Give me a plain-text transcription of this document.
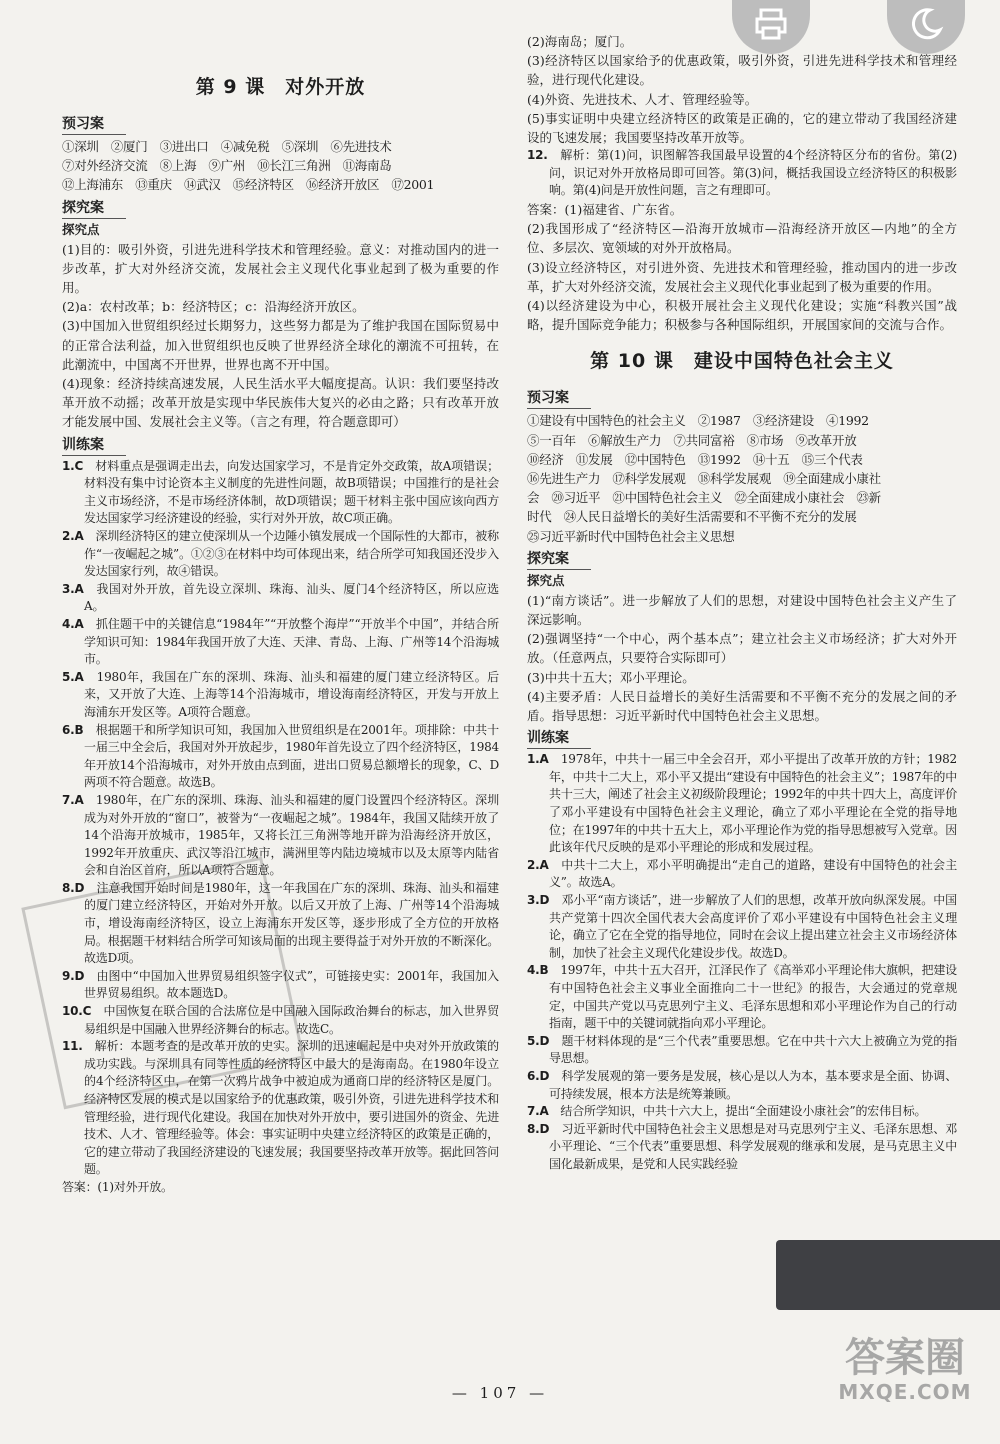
第 9 课　对外开放
预习案

①深圳　②厦门　③进出口　④减免税　⑤深圳　⑥先进技术

⑦对外经济交流　⑧上海　⑨广州　⑩长江三角洲　⑪海南岛

⑫上海浦东　⑬重庆　⑭武汉　⑮经济特区　⑯经济开放区　⑰2001

探究案
探究点

(1)目的：吸引外资，引进先进科学技术和管理经验。意义：对推动国内的进一步改革，扩大对外经济交流，发展社会主义现代化事业起到了极为重要的作用。

(2)a：农村改革；b：经济特区；c：沿海经济开放区。

(3)中国加入世贸组织经过长期努力，这些努力都是为了维护我国在国际贸易中的正常合法利益，加入世贸组织也反映了世界经济全球化的潮流不可扭转，在此潮流中，中国离不开世界，世界也离不开中国。

(4)现象：经济持续高速发展，人民生活水平大幅度提高。认识：我们要坚持改革开放不动摇；改革开放是实现中华民族伟大复兴的必由之路；只有改革开放才能发展中国、发展社会主义等。（言之有理，符合题意即可）

训练案

1.C　 材料重点是强调走出去，向发达国家学习，不是肯定外交政策，故A项错误；材料没有集中讨论资本主义制度的先进性问题，故B项错误；中国推行的是社会主义市场经济，不是市场经济体制，故D项错误；题干材料主张中国应该向西方发达国家学习经济建设的经验，实行对外开放，故C项正确。

2.A　 深圳经济特区的建立使深圳从一个边陲小镇发展成一个国际性的大都市，被称作“一夜崛起之城”。①②③在材料中均可体现出来，结合所学可知我国还没步入发达国家行列，故④错误。

3.A　 我国对外开放，首先设立深圳、珠海、汕头、厦门4个经济特区，所以应选A。

4.A　 抓住题干中的关键信息“1984年”“开放整个海岸”“开放半个中国”，并结合所学知识可知：1984年我国开放了大连、天津、青岛、上海、广州等14个沿海城市。

5.A　 1980年，我国在广东的深圳、珠海、汕头和福建的厦门建立经济特区。后来，又开放了大连、上海等14个沿海城市，增设海南经济特区，开发与开放上海浦东开发区等。A项符合题意。

6.B　 根据题干和所学知识可知，我国加入世贸组织是在2001年。项排除：中共十一届三中全会后，我国对外开放起步，1980年首先设立了四个经济特区，1984年开放14个沿海城市，对外开放由点到面，进出口贸易总额增长的现象，C、D两项不符合题意。故选B。

7.A　 1980年，在广东的深圳、珠海、汕头和福建的厦门设置四个经济特区。深圳成为对外开放的“窗口”，被誉为“一夜崛起之城”。1984年，我国又陆续开放了14个沿海开放城市，1985年，又将长江三角洲等地开辟为沿海经济开放区，1992年开放重庆、武汉等沿江城市，满洲里等内陆边境城市以及太原等内陆省会和自治区首府，所以A项符合题意。

8.D　 注意我国开始时间是1980年，这一年我国在广东的深圳、珠海、汕头和福建的厦门建立经济特区，开始对外开放。以后又开放了上海、广州等14个沿海城市，增设海南经济特区，设立上海浦东开发区等，逐步形成了全方位的开放格局。根据题干材料结合所学可知该局面的出现主要得益于对外开放的不断深化。故选D项。

9.D　 由图中“中国加入世界贸易组织签字仪式”，可链接史实：2001年，我国加入世界贸易组织。故本题选D。

10.C　 中国恢复在联合国的合法席位是中国融入国际政治舞台的标志，加入世界贸易组织是中国融入世界经济舞台的标志。故选C。

11.　 解析：本题考查的是改革开放的史实。深圳的迅速崛起是中央对外开放政策的成功实践。与深圳具有同等性质的经济特区中最大的是海南岛。在1980年设立的4个经济特区中，在第一次鸦片战争中被迫成为通商口岸的经济特区是厦门。经济特区发展的模式是以国家给予的优惠政策，吸引外资，引进先进科学技术和管理经验，进行现代化建设。我国在加快对外开放中，要引进国外的资金、先进技术、人才、管理经验等。体会：事实证明中央建立经济特区的政策是正确的，它的建立带动了我国经济建设的飞速发展；我国要坚持改革开放等。据此回答问题。

答案：(1)对外开放。

(2)海南岛；厦门。

(3)经济特区以国家给予的优惠政策，吸引外资，引进先进科学技术和管理经验，进行现代化建设。

(4)外资、先进技术、人才、管理经验等。

(5)事实证明中央建立经济特区的政策是正确的，它的建立带动了我国经济建设的飞速发展；我国要坚持改革开放等。

12.　 解析：第(1)问，识图解答我国最早设置的4个经济特区分布的省份。第(2)问，识记对外开放格局即可回答。第(3)问，概括我国设立经济特区的积极影响。第(4)问是开放性问题，言之有理即可。

答案：(1)福建省、广东省。

(2)我国形成了“经济特区—沿海开放城市—沿海经济开放区—内地”的全方位、多层次、宽领域的对外开放格局。

(3)设立经济特区，对引进外资、先进技术和管理经验，推动国内的进一步改革，扩大对外经济交流，发展社会主义现代化事业起到了极为重要的作用。

(4)以经济建设为中心，积极开展社会主义现代化建设；实施“科教兴国”战略，提升国际竞争能力；积极参与各种国际组织，开展国家间的交流与合作。

第 10 课　建设中国特色社会主义
预习案

①建设有中国特色的社会主义　②1987　③经济建设　④1992

⑤一百年　⑥解放生产力　⑦共同富裕　⑧市场　⑨改革开放

⑩经济　⑪发展　⑫中国特色　⑬1992　⑭十五　⑮三个代表

⑯先进生产力　⑰科学发展观　⑱科学发展观　⑲全面建成小康社

会　⑳习近平　㉑中国特色社会主义　㉒全面建成小康社会　㉓新

时代　㉔人民日益增长的美好生活需要和不平衡不充分的发展

㉕习近平新时代中国特色社会主义思想

探究案
探究点

(1)“南方谈话”。进一步解放了人们的思想，对建设中国特色社会主义产生了深远影响。

(2)强调坚持“一个中心，两个基本点”；建立社会主义市场经济；扩大对外开放。（任意两点，只要符合实际即可）

(3)中共十五大；邓小平理论。

(4)主要矛盾：人民日益增长的美好生活需要和不平衡不充分的发展之间的矛盾。指导思想：习近平新时代中国特色社会主义思想。

训练案

1.A　 1978年，中共十一届三中全会召开，邓小平提出了改革开放的方针；1982年，中共十二大上，邓小平又提出“建设有中国特色的社会主义”；1987年的中共十三大，阐述了社会主义初级阶段理论；1992年的中共十四大上，高度评价了邓小平建设有中国特色社会主义理论，确立了邓小平理论在全党的指导地位；在1997年的中共十五大上，邓小平理论作为党的指导思想被写入党章。因此该年代尺反映的是邓小平理论的形成和发展过程。

2.A　 中共十二大上，邓小平明确提出“走自己的道路，建设有中国特色的社会主义”。故选A。

3.D　 邓小平“南方谈话”，进一步解放了人们的思想，改革开放向纵深发展。中国共产党第十四次全国代表大会高度评价了邓小平建设有中国特色社会主义理论，确立了它在全党的指导地位，同时在会议上提出建立社会主义市场经济体制，加快了社会主义现代化建设步伐。故选D。

4.B　 1997年，中共十五大召开，江泽民作了《高举邓小平理论伟大旗帜，把建设有中国特色社会主义事业全面推向二十一世纪》的报告，大会通过的党章规定，中国共产党以马克思列宁主义、毛泽东思想和邓小平理论作为自己的行动指南，题干中的关键词就指向邓小平理论。

5.D　 题干材料体现的是“三个代表”重要思想。它在中共十六大上被确立为党的指导思想。

6.D　 科学发展观的第一要务是发展，核心是以人为本，基本要求是全面、协调、可持续发展，根本方法是统筹兼顾。

7.A　 结合所学知识，中共十六大上，提出“全面建设小康社会”的宏伟目标。

8.D　 习近平新时代中国特色社会主义思想是对马克思列宁主义、毛泽东思想、邓小平理论、“三个代表”重要思想、科学发展观的继承和发展，是马克思主义中国化最新成果，是党和人民实践经验

— 107 —
答案圈
MXQE.COM
